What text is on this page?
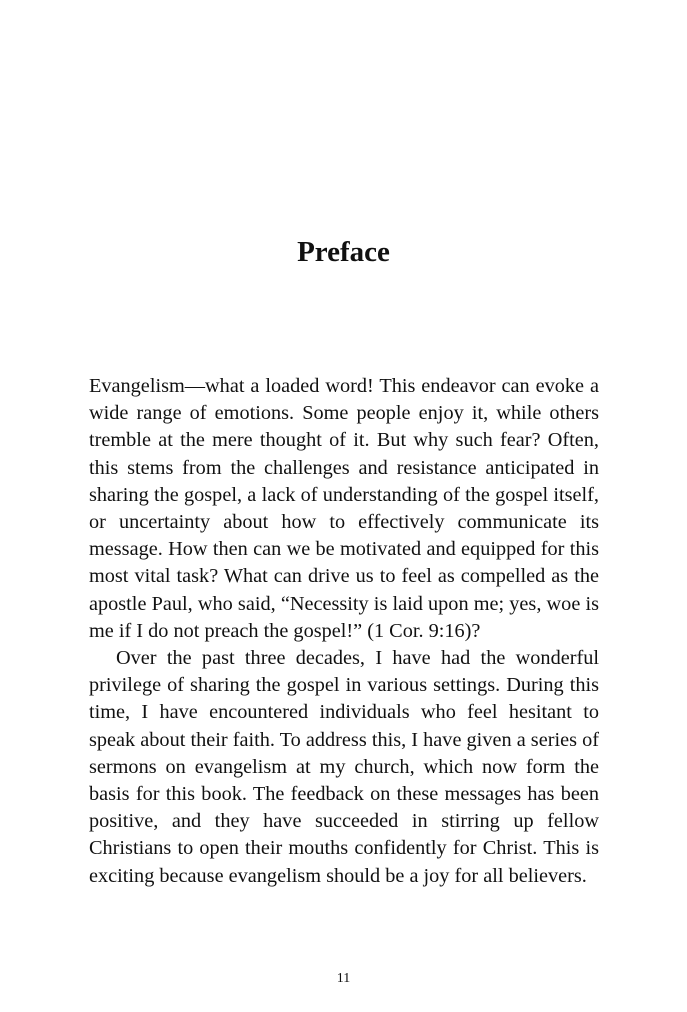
Preface

Evangelism—what a loaded word! This endeavor can evoke a wide range of emotions. Some people enjoy it, while others tremble at the mere thought of it. But why such fear? Often, this stems from the challenges and resistance anticipated in sharing the gospel, a lack of understanding of the gospel itself, or uncertainty about how to effectively communicate its message. How then can we be motivated and equipped for this most vital task? What can drive us to feel as compelled as the apostle Paul, who said, “Necessity is laid upon me; yes, woe is me if I do not preach the gospel!” (1 Cor. 9:16)?

Over the past three decades, I have had the wonderful privilege of sharing the gospel in various settings. During this time, I have encountered individuals who feel hesitant to speak about their faith. To address this, I have given a series of sermons on evangelism at my church, which now form the basis for this book. The feedback on these messages has been positive, and they have succeeded in stirring up fellow Christians to open their mouths confidently for Christ. This is exciting because evangelism should be a joy for all believers.

11
